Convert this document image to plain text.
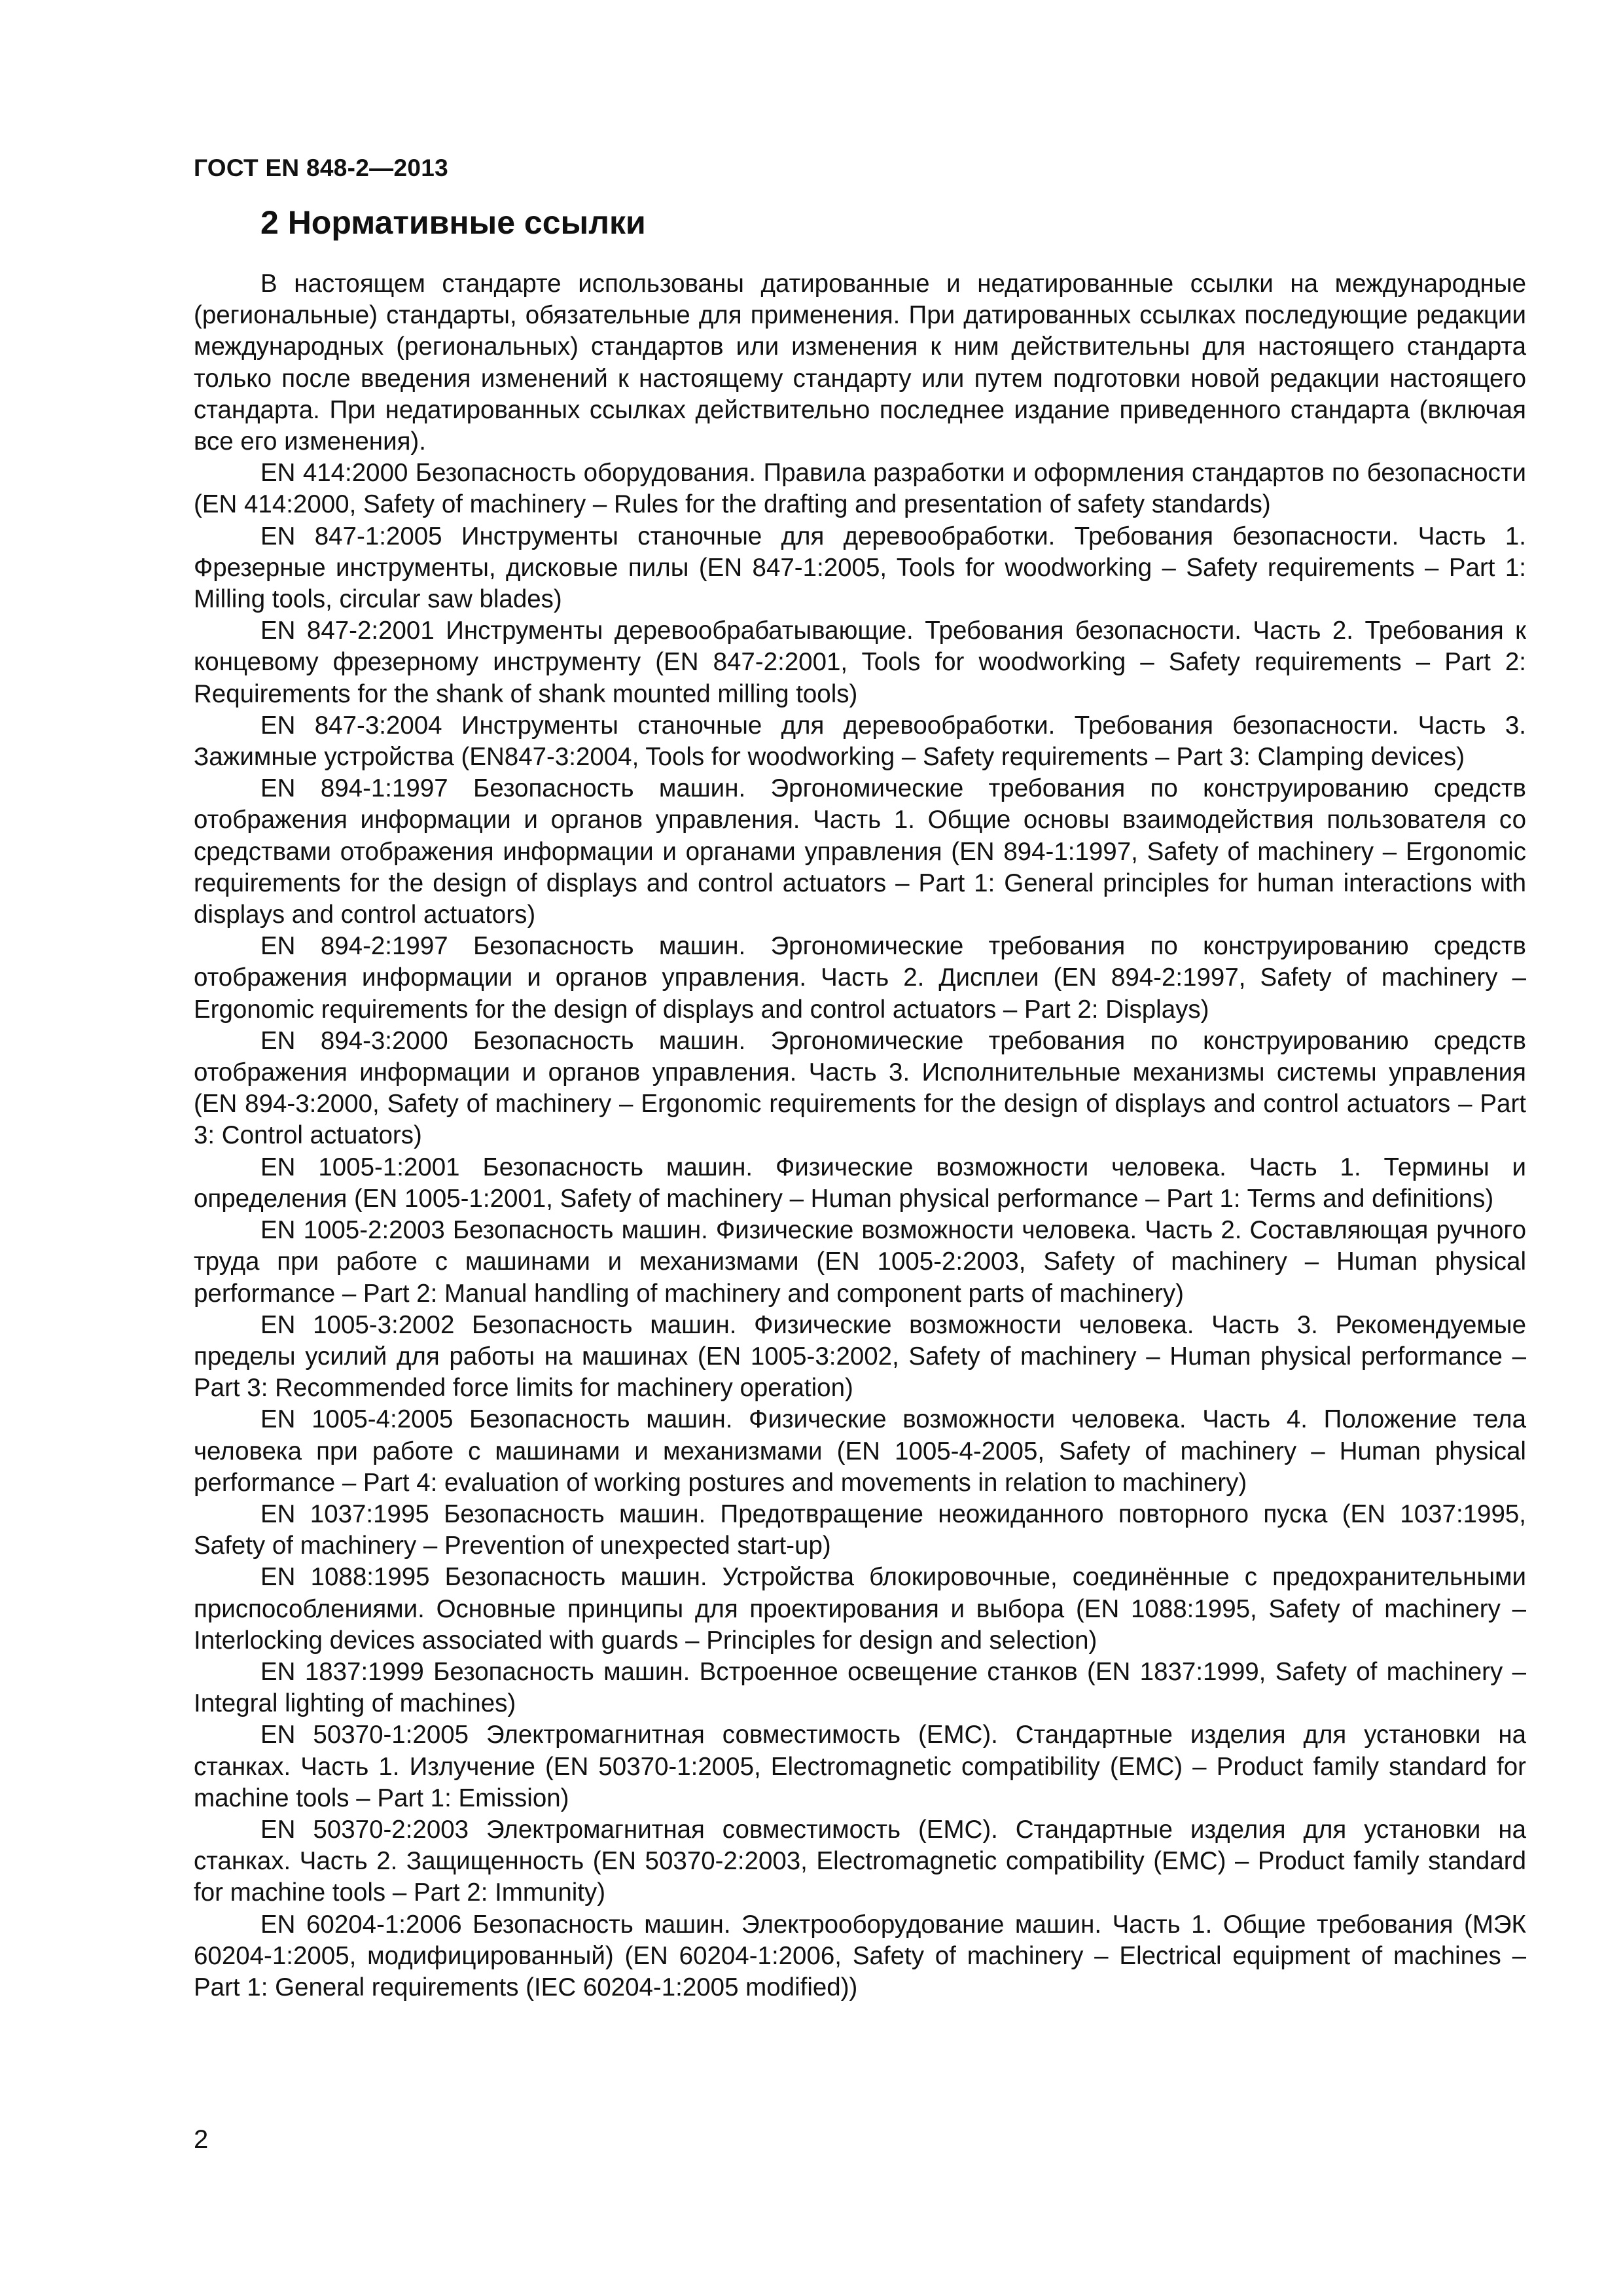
ГОСТ EN 848-2—2013
2 Нормативные ссылки

В настоящем стандарте использованы датированные и недатированные ссылки на международные (региональные) стандарты, обязательные для применения. При датированных ссылках последующие редакции международных (региональных) стандартов или изменения к ним действительны для настоящего стандарта только после введения изменений к настоящему стандарту или путем подготовки новой редакции настоящего стандарта. При недатированных ссылках действительно последнее издание приведенного стандарта (включая все его изменения).

EN 414:2000 Безопасность оборудования. Правила разработки и оформления стандартов по безопасности (EN 414:2000, Safety of machinery – Rules for the drafting and presentation of safety standards)

EN 847-1:2005 Инструменты станочные для деревообработки. Требования безопасности. Часть 1. Фрезерные инструменты, дисковые пилы (EN 847-1:2005, Tools for woodworking – Safety requirements – Part 1: Milling tools, circular saw blades)

EN 847-2:2001 Инструменты деревообрабатывающие. Требования безопасности. Часть 2. Требования к концевому фрезерному инструменту (EN 847-2:2001, Tools for woodworking – Safety requirements – Part 2: Requirements for the shank of shank mounted milling tools)

EN 847-3:2004 Инструменты станочные для деревообработки. Требования безопасности. Часть 3. Зажимные устройства (EN847-3:2004, Tools for woodworking – Safety requirements – Part 3: Clamping devices)

EN 894-1:1997 Безопасность машин. Эргономические требования по конструированию средств отображения информации и органов управления. Часть 1. Общие основы взаимодействия пользователя со средствами отображения информации и органами управления (EN 894-1:1997, Safety of machinery – Ergonomic requirements for the design of displays and control actuators – Part 1: General principles for human interactions with displays and control actuators)

EN 894-2:1997 Безопасность машин. Эргономические требования по конструированию средств отображения информации и органов управления. Часть 2. Дисплеи (EN 894-2:1997, Safety of machinery – Ergonomic requirements for the design of displays and control actuators – Part 2: Displays)

EN 894-3:2000 Безопасность машин. Эргономические требования по конструированию средств отображения информации и органов управления. Часть 3. Исполнительные механизмы системы управления (EN 894-3:2000, Safety of machinery – Ergonomic requirements for the design of displays and control actuators – Part 3: Control actuators)

EN 1005-1:2001 Безопасность машин. Физические возможности человека. Часть 1. Термины и определения (EN 1005-1:2001, Safety of machinery – Human physical performance – Part 1: Terms and definitions)

EN 1005-2:2003 Безопасность машин. Физические возможности человека. Часть 2. Составляющая ручного труда при работе с машинами и механизмами (EN 1005-2:2003, Safety of machinery – Human physical performance – Part 2: Manual handling of machinery and component parts of machinery)

EN 1005-3:2002 Безопасность машин. Физические возможности человека. Часть 3. Рекомендуемые пределы усилий для работы на машинах (EN 1005-3:2002, Safety of machinery – Human physical performance – Part 3: Recommended force limits for machinery operation)

EN 1005-4:2005 Безопасность машин. Физические возможности человека. Часть 4. Положение тела человека при работе с машинами и механизмами (EN 1005-4-2005, Safety of machinery – Human physical performance – Part 4: evaluation of working postures and movements in relation to machinery)

EN 1037:1995 Безопасность машин. Предотвращение неожиданного повторного пуска (EN 1037:1995, Safety of machinery – Prevention of unexpected start-up)

EN 1088:1995 Безопасность машин. Устройства блокировочные, соединённые с предохранительными приспособлениями. Основные принципы для проектирования и выбора (EN 1088:1995, Safety of machinery – Interlocking devices associated with guards – Principles for design and selection)

EN 1837:1999 Безопасность машин. Встроенное освещение станков (EN 1837:1999, Safety of machinery – Integral lighting of machines)

EN 50370-1:2005 Электромагнитная совместимость (EMC). Стандартные изделия для установки на станках. Часть 1. Излучение (EN 50370-1:2005, Electromagnetic compatibility (EMC) – Product family standard for machine tools – Part 1: Emission)

EN 50370-2:2003 Электромагнитная совместимость (EMC). Стандартные изделия для установки на станках. Часть 2. Защищенность (EN 50370-2:2003, Electromagnetic compatibility (EMC) – Product family standard for machine tools – Part 2: Immunity)

EN 60204-1:2006 Безопасность машин. Электрооборудование машин. Часть 1. Общие требования (МЭК 60204-1:2005, модифицированный) (EN 60204-1:2006, Safety of machinery – Electrical equipment of machines – Part 1: General requirements (IEC 60204-1:2005 modified))

2
